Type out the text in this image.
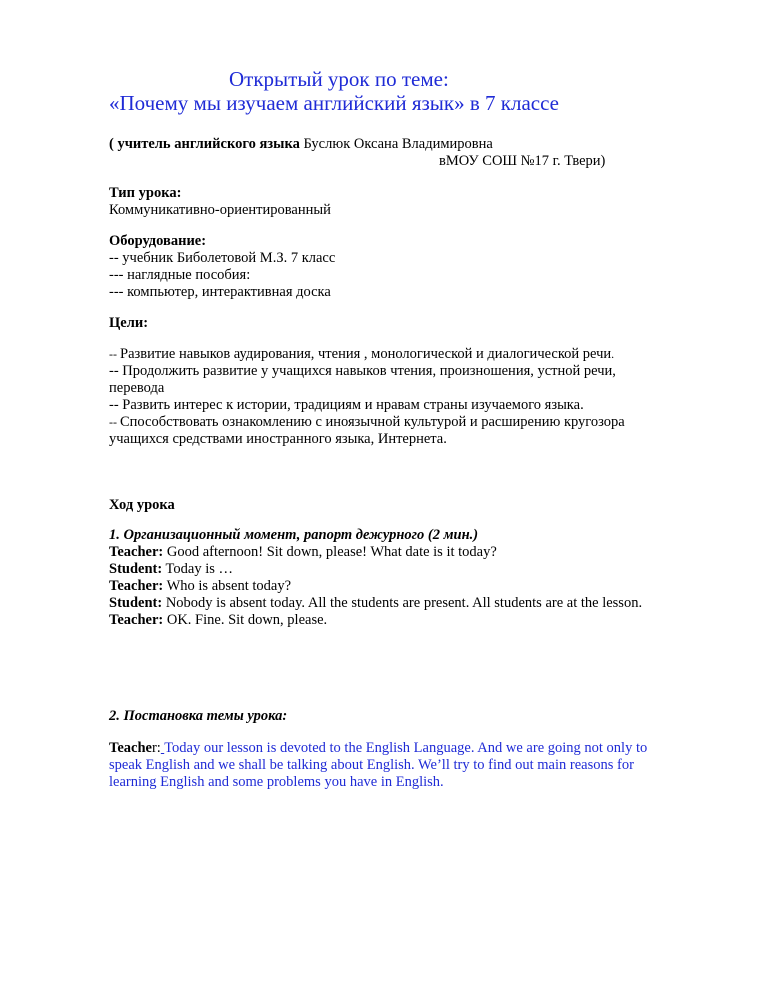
Открытый урок по теме:
«Почему мы изучаем английский язык» в 7 классе
( учитель английского языка Буслюк Оксана Владимировна
вМОУ СОШ №17 г. Твери)
Тип урока:
Коммуникативно-ориентированный
Оборудование:
-- учебник Биболетовой М.З. 7 класс
--- наглядные пособия:
--- компьютер, интерактивная доска
Цели:
-- Развитие навыков аудирования, чтения , монологической и диалогической речи.
-- Продолжить развитие у учащихся навыков чтения, произношения, устной речи,
перевода
-- Развить интерес к истории, традициям и нравам страны изучаемого языка.
-- Способствовать ознакомлению с иноязычной культурой и расширению кругозора
учащихся средствами иностранного языка, Интернета.
Ход урока
1. Организационный момент, рапорт дежурного (2 мин.)
Teacher: Good afternoon! Sit down, please! What date is it today?
Student: Today is …
Teacher: Who is absent today?
Student: Nobody is absent today. All the students are present. All students are at the lesson.
Teacher: OK. Fine. Sit down, please.
2. Постановка темы урока:
Teacher: Today our lesson is devoted to the English Language. And we are going not only to
speak English and we shall be talking about English. We’ll try to find out main reasons for
learning English and some problems you have in English.
